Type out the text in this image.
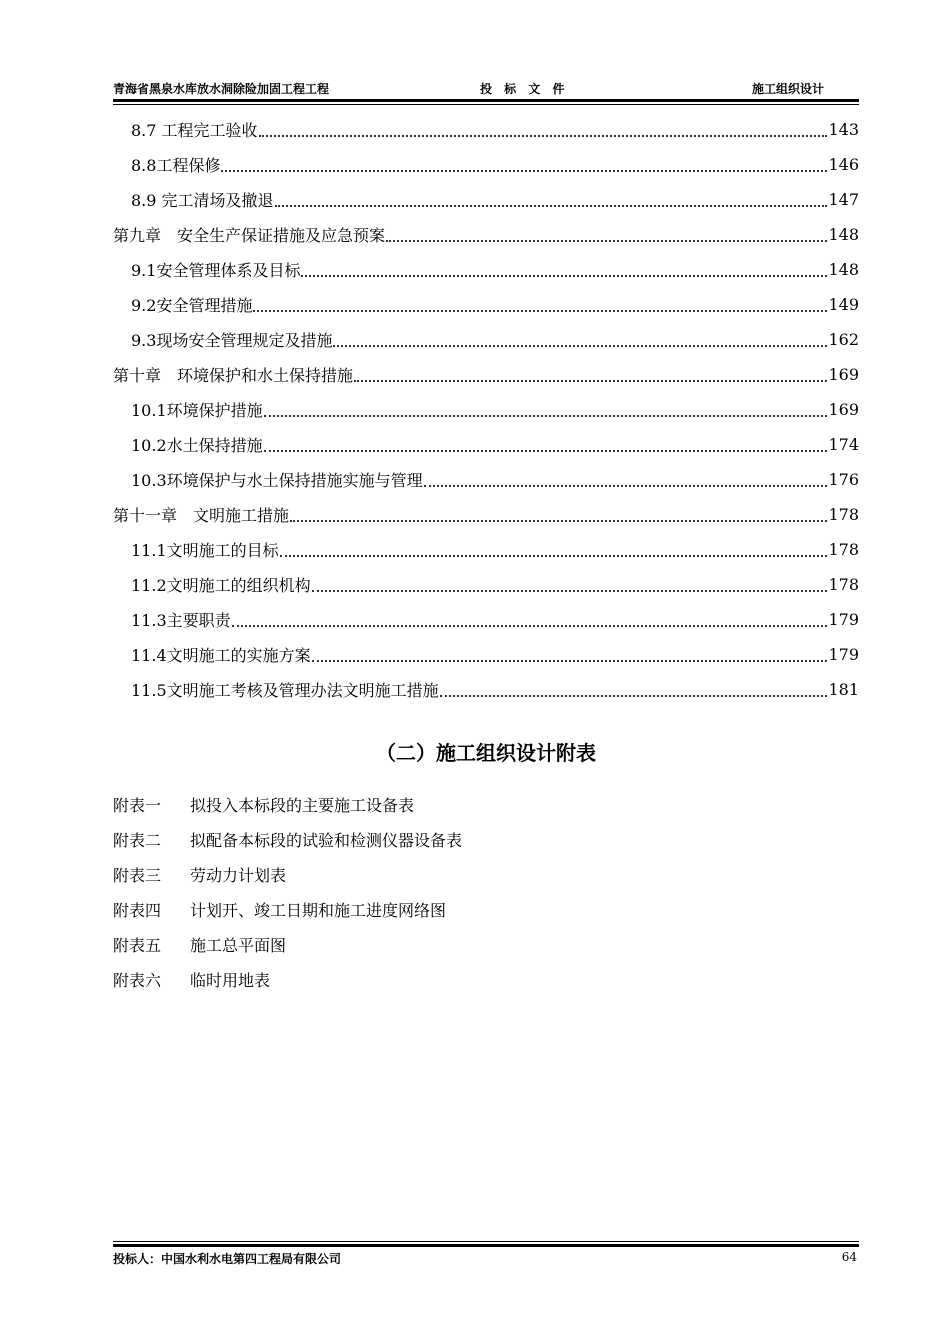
青海省黑泉水库放水洞除险加固工程工程	投 标 文 件	施工组织设计
8.7 工程完工验收	143
8.8工程保修	146
8.9 完工清场及撤退	147
第九章　安全生产保证措施及应急预案	148
9.1安全管理体系及目标	148
9.2安全管理措施	149
9.3现场安全管理规定及措施	162
第十章　环境保护和水土保持措施	169
10.1环境保护措施	169
10.2水土保持措施	174
10.3环境保护与水土保持措施实施与管理	176
第十一章　文明施工措施	178
11.1文明施工的目标	178
11.2文明施工的组织机构	178
11.3主要职责	179
11.4文明施工的实施方案	179
11.5文明施工考核及管理办法文明施工措施	181
（二）施工组织设计附表
附表一	拟投入本标段的主要施工设备表
附表二	拟配备本标段的试验和检测仪器设备表
附表三	劳动力计划表
附表四	计划开、竣工日期和施工进度网络图
附表五	施工总平面图
附表六	临时用地表
投标人：中国水利水电第四工程局有限公司	64
